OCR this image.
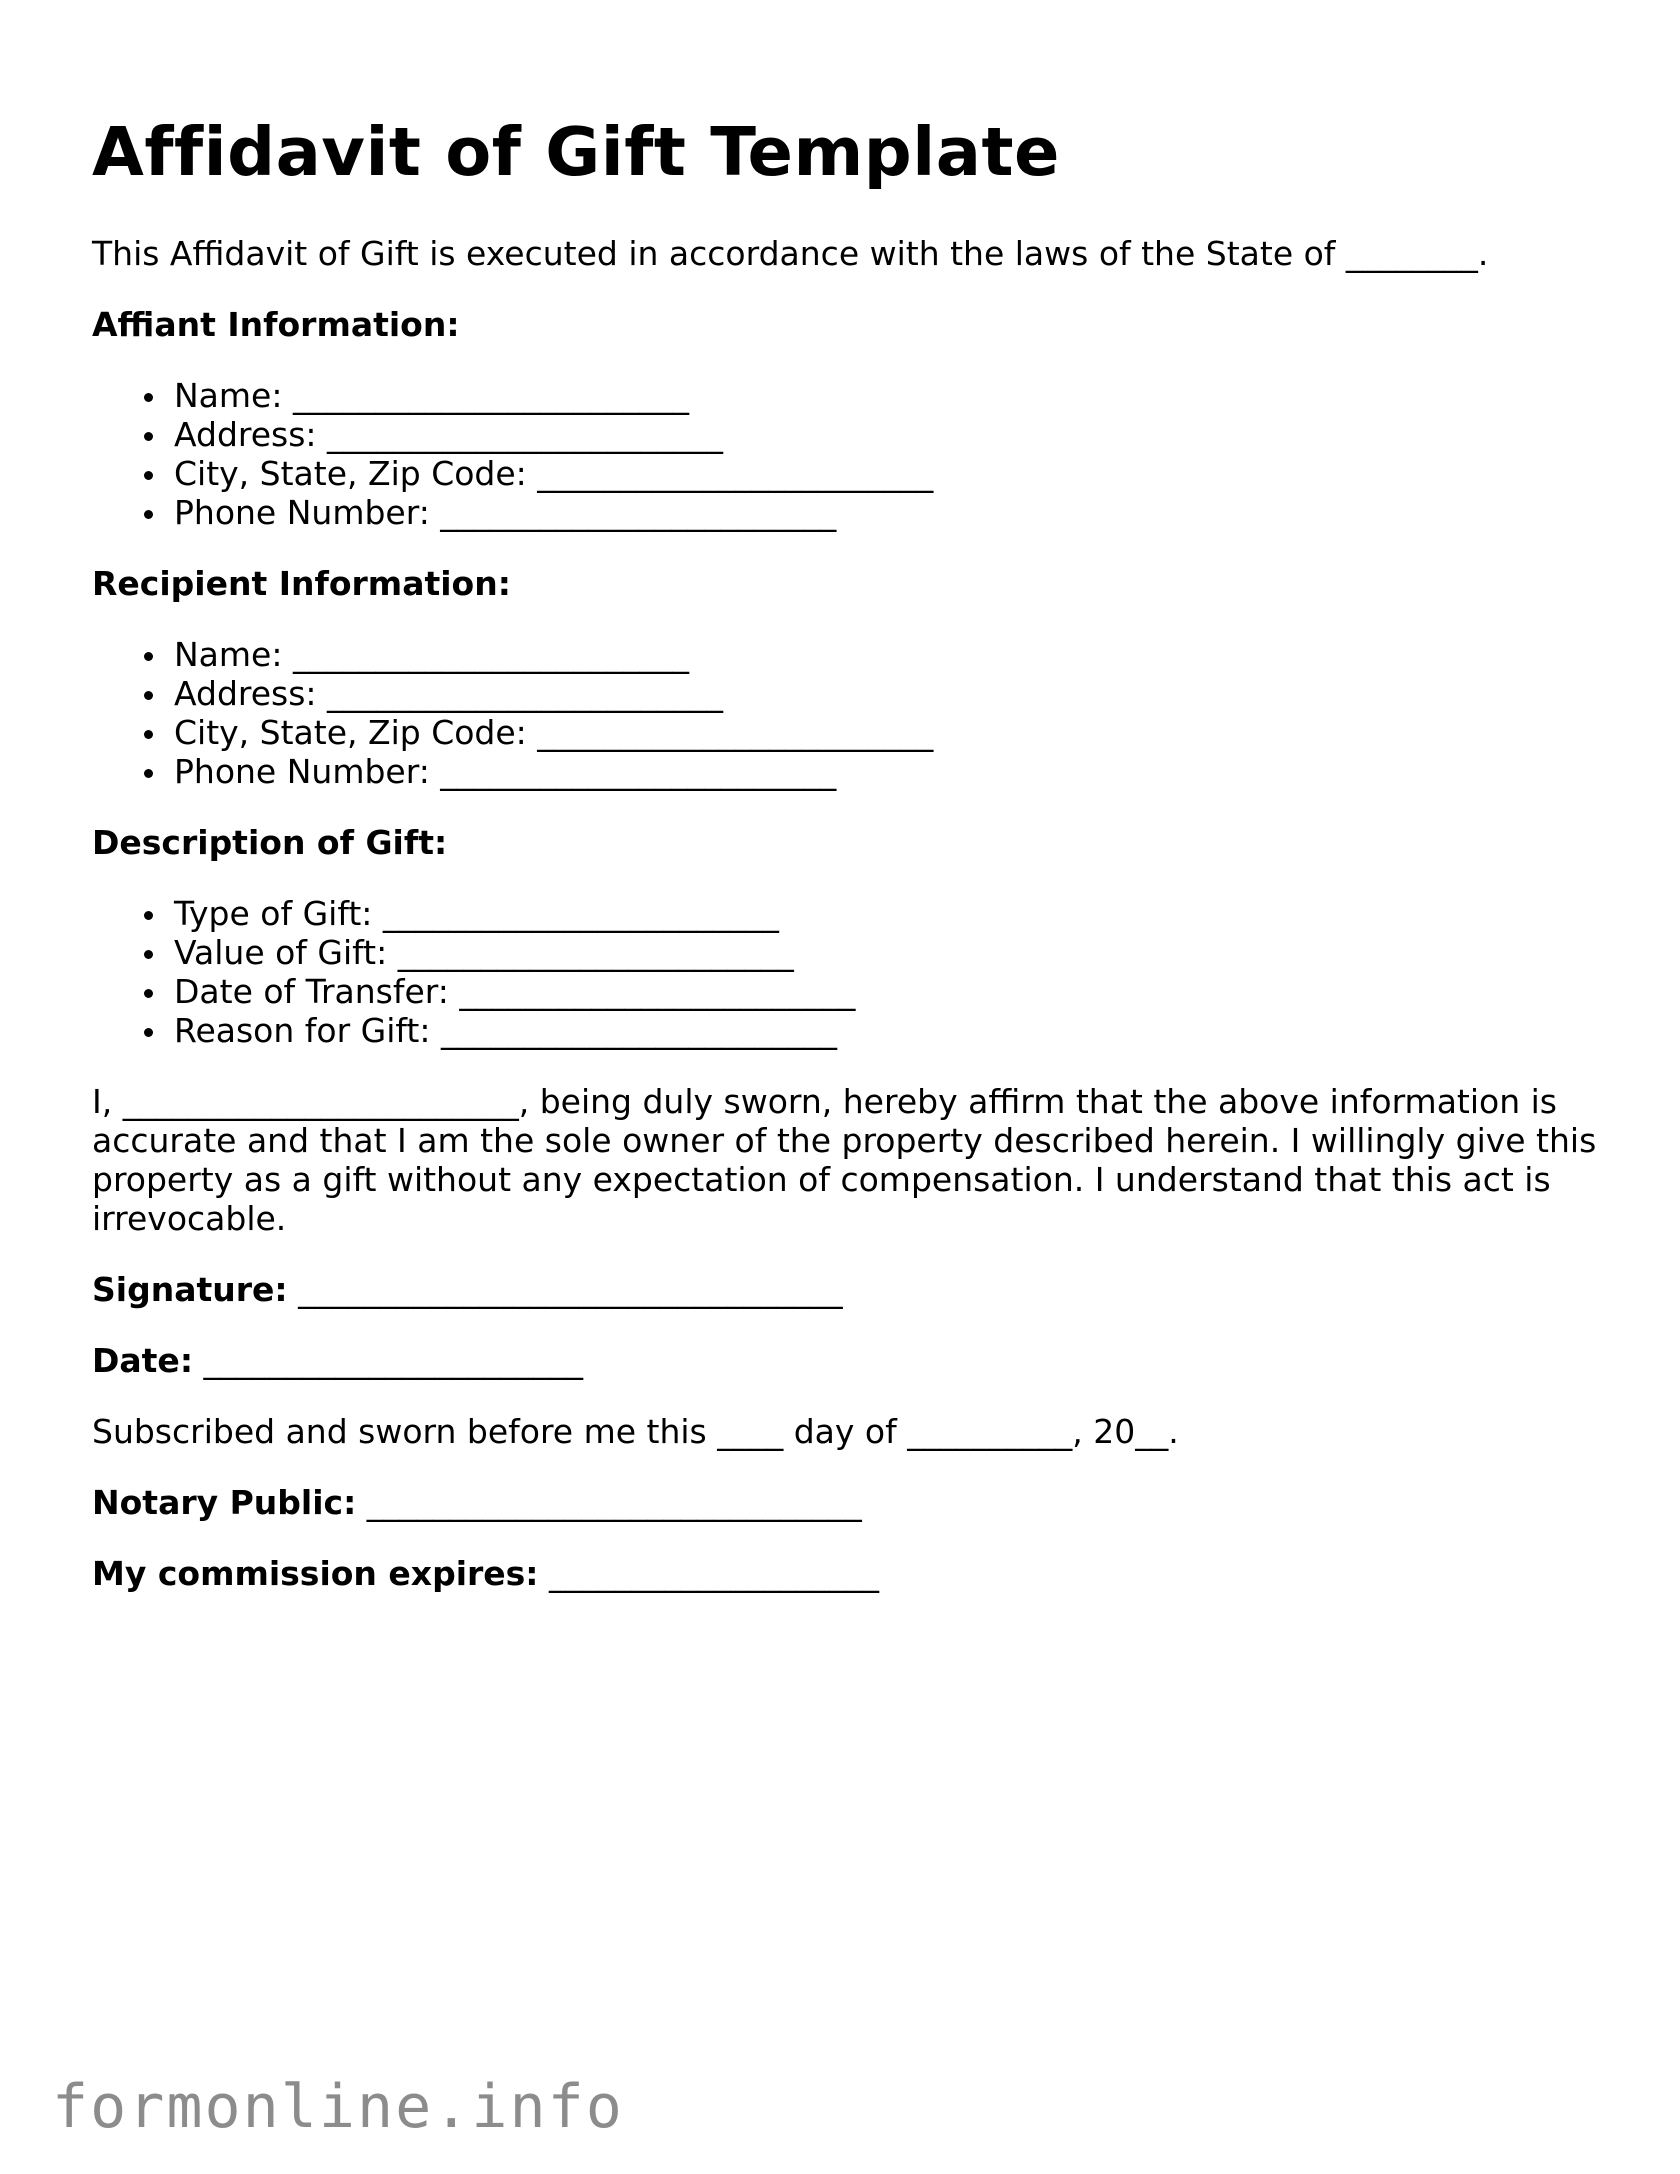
Affidavit of Gift Template

This Affidavit of Gift is executed in accordance with the laws of the State of ________.

Affiant Information:
Name: ________________________
Address: ________________________
City, State, Zip Code: ________________________
Phone Number: ________________________
Recipient Information:
Name: ________________________
Address: ________________________
City, State, Zip Code: ________________________
Phone Number: ________________________
Description of Gift:
Type of Gift: ________________________
Value of Gift: ________________________
Date of Transfer: ________________________
Reason for Gift: ________________________
I, ________________________, being duly sworn, hereby affirm that the above information is accurate and that I am the sole owner of the property described herein. I willingly give this property as a gift without any expectation of compensation. I understand that this act is irrevocable.
Signature: _________________________________
Date: _______________________

Subscribed and sworn before me this ____ day of __________, 20__.

Notary Public: ______________________________
My commission expires: ____________________
formonline.info
